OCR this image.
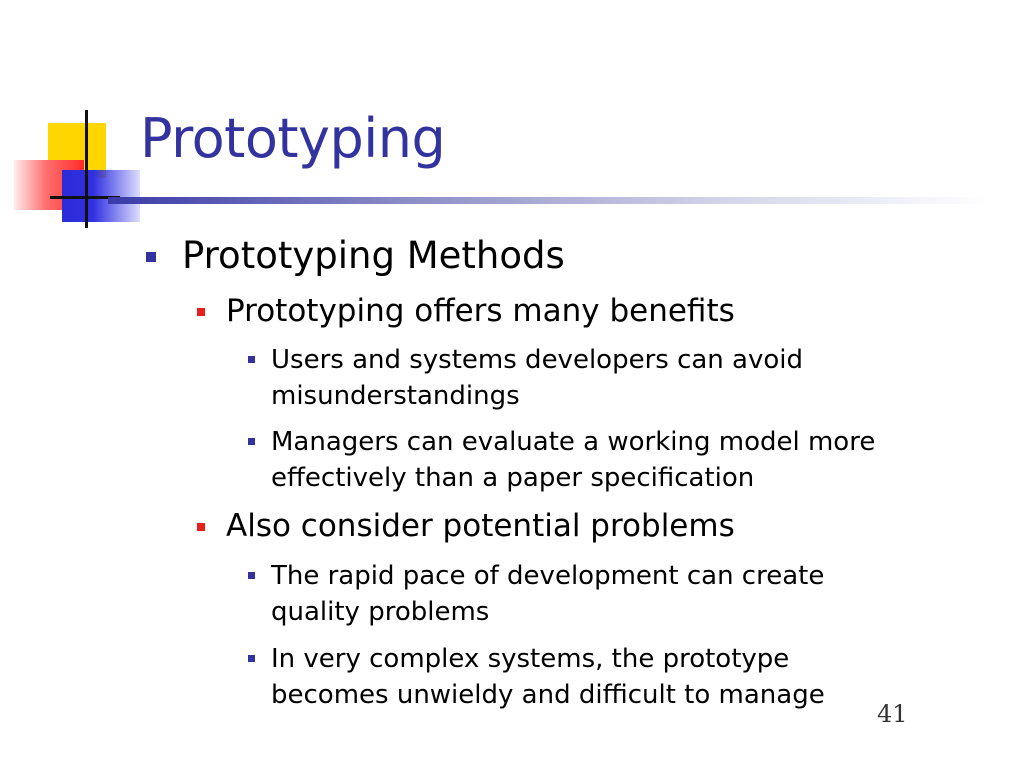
Prototyping
Prototyping Methods
Prototyping offers many benefits
Users and systems developers can avoid
misunderstandings
Managers can evaluate a working model more
effectively than a paper specification
Also consider potential problems
The rapid pace of development can create
quality problems
In very complex systems, the prototype
becomes unwieldy and difficult to manage
41
